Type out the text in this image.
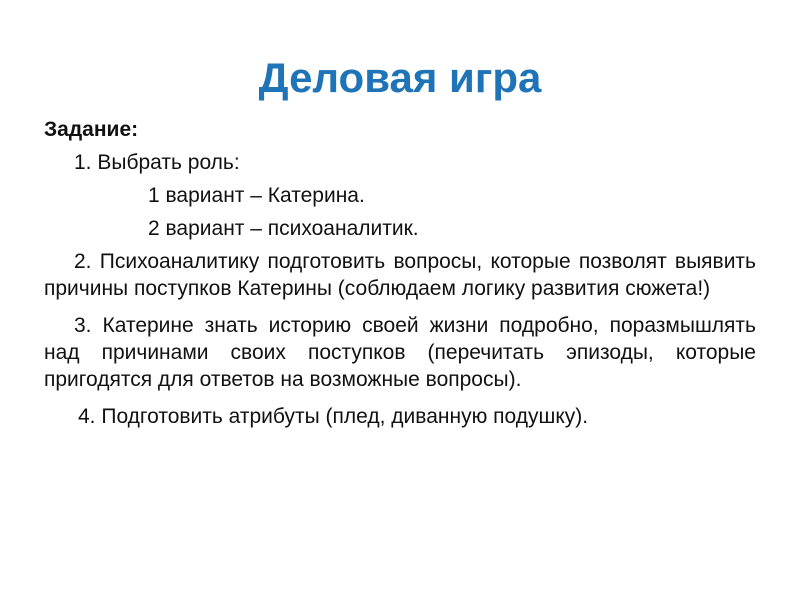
Деловая игра
Задание:
1. Выбрать роль:
1 вариант – Катерина.
2 вариант – психоаналитик.
2. Психоаналитику подготовить вопросы, которые позволят выявить причины поступков Катерины (соблюдаем логику развития сюжета!)
3. Катерине знать историю своей жизни подробно, поразмышлять над причинами своих поступков (перечитать эпизоды, которые пригодятся для ответов на возможные вопросы).
4. Подготовить атрибуты (плед, диванную подушку).
